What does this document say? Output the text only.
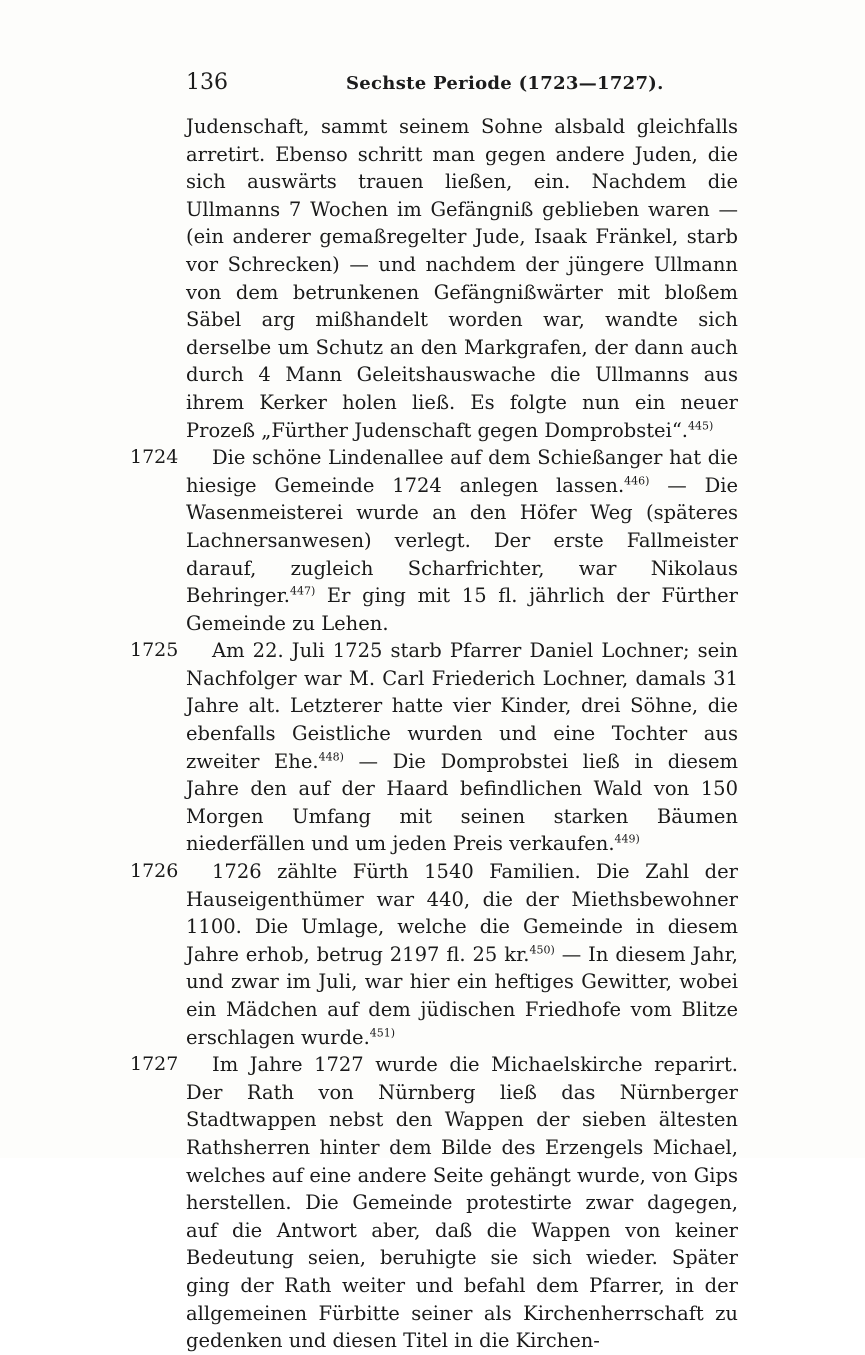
136	Sechste Periode (1723—1727).

Judenschaft, sammt seinem Sohne alsbald gleichfalls arretirt. Ebenso schritt man gegen andere Juden, die sich auswärts trauen ließen, ein. Nachdem die Ullmanns 7 Wochen im Gefängniß geblieben waren — (ein anderer gemaßregelter Jude, Isaak Fränkel, starb vor Schrecken) — und nachdem der jüngere Ullmann von dem betrunkenen Gefängnißwärter mit bloßem Säbel arg mißhandelt worden war, wandte sich derselbe um Schutz an den Markgrafen, der dann auch durch 4 Mann Geleitshauswache die Ullmanns aus ihrem Kerker holen ließ. Es folgte nun ein neuer Prozeß „Fürther Judenschaft gegen Domprobstei“.$^{445)}$

1724 Die schöne Lindenallee auf dem Schießanger hat die hiesige Gemeinde 1724 anlegen lassen.$^{446)}$ — Die Wasenmeisterei wurde an den Höfer Weg (späteres Lachnersanwesen) verlegt. Der erste Fallmeister darauf, zugleich Scharfrichter, war Nikolaus Behringer.$^{447)}$ Er ging mit 15 fl. jährlich der Fürther Gemeinde zu Lehen.

1725 Am 22. Juli 1725 starb Pfarrer Daniel Lochner; sein Nachfolger war M. Carl Friederich Lochner, damals 31 Jahre alt. Letzterer hatte vier Kinder, drei Söhne, die ebenfalls Geistliche wurden und eine Tochter aus zweiter Ehe.$^{448)}$ — Die Domprobstei ließ in diesem Jahre den auf der Haard befindlichen Wald von 150 Morgen Umfang mit seinen starken Bäumen niederfällen und um jeden Preis verkaufen.$^{449)}$

1726 1726 zählte Fürth 1540 Familien. Die Zahl der Hauseigenthümer war 440, die der Miethsbewohner 1100. Die Umlage, welche die Gemeinde in diesem Jahre erhob, betrug 2197 fl. 25 kr.$^{450)}$ — In diesem Jahr, und zwar im Juli, war hier ein heftiges Gewitter, wobei ein Mädchen auf dem jüdischen Friedhofe vom Blitze erschlagen wurde.$^{451)}$

1727 Im Jahre 1727 wurde die Michaelskirche reparirt. Der Rath von Nürnberg ließ das Nürnberger Stadtwappen nebst den Wappen der sieben ältesten Rathsherren hinter dem Bilde des Erzengels Michael, welches auf eine andere Seite gehängt wurde, von Gips herstellen. Die Gemeinde protestirte zwar dagegen, auf die Antwort aber, daß die Wappen von keiner Bedeutung seien, beruhigte sie sich wieder. Später ging der Rath weiter und befahl dem Pfarrer, in der allgemeinen Fürbitte seiner als Kirchenherrschaft zu gedenken und diesen Titel in die Kirchen-
